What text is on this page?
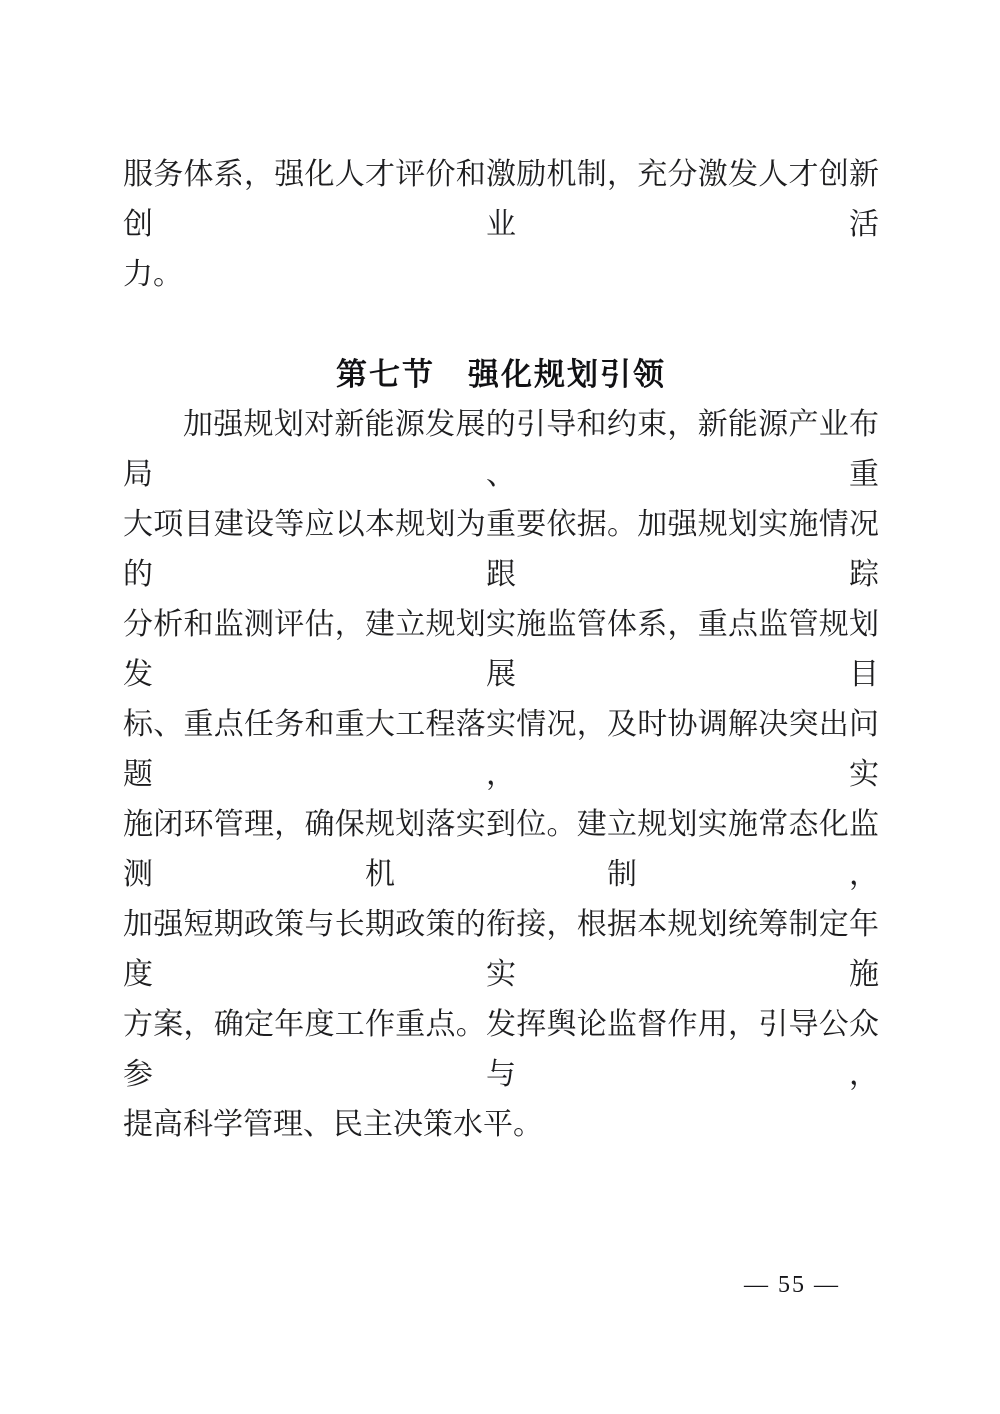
服务体系，强化人才评价和激励机制，充分激发人才创新创业活

力。

第七节　强化规划引领

加强规划对新能源发展的引导和约束，新能源产业布局、重

大项目建设等应以本规划为重要依据。加强规划实施情况的跟踪

分析和监测评估，建立规划实施监管体系，重点监管规划发展目

标、重点任务和重大工程落实情况，及时协调解决突出问题，实

施闭环管理，确保规划落实到位。建立规划实施常态化监测机制，

加强短期政策与长期政策的衔接，根据本规划统筹制定年度实施

方案，确定年度工作重点。发挥舆论监督作用，引导公众参与，

提高科学管理、民主决策水平。

— 55 —
